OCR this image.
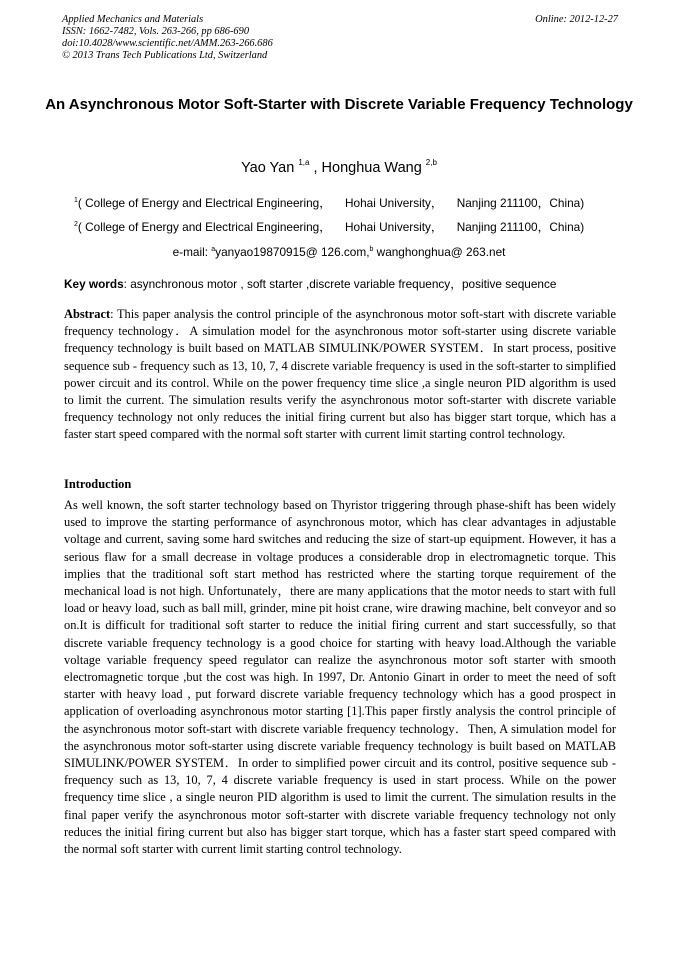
Applied Mechanics and Materials
ISSN: 1662-7482, Vols. 263-266, pp 686-690
doi:10.4028/www.scientific.net/AMM.263-266.686
© 2013 Trans Tech Publications Ltd, Switzerland
Online: 2012-12-27
An Asynchronous Motor Soft-Starter with Discrete Variable Frequency Technology
Yao Yan $^{1,a}$ , Honghua Wang $^{2,b}$
$^1$( College of Energy and Electrical Engineering， Hohai University， Nanjing 211100，China)
$^2$( College of Energy and Electrical Engineering， Hohai University， Nanjing 211100，China)
e-mail: $^a$yanyao19870915@ 126.com,$^b$ wanghonghua@ 263.net
Key words: asynchronous motor , soft starter ,discrete variable frequency，positive sequence

Abstract: This paper analysis the control principle of the asynchronous motor soft-start with discrete variable frequency technology．A simulation model for the asynchronous motor soft-starter using discrete variable frequency technology is built based on MATLAB SIMULINK/POWER SYSTEM．In start process, positive sequence sub - frequency such as 13, 10, 7, 4 discrete variable frequency is used in the soft-starter to simplified power circuit and its control. While on the power frequency time slice ,a single neuron PID algorithm is used to limit the current. The simulation results verify the asynchronous motor soft-starter with discrete variable frequency technology not only reduces the initial firing current but also has bigger start torque, which has a faster start speed compared with the normal soft starter with current limit starting control technology.

Introduction

As well known, the soft starter technology based on Thyristor triggering through phase-shift has been widely used to improve the starting performance of asynchronous motor, which has clear advantages in adjustable voltage and current, saving some hard switches and reducing the size of start-up equipment. However, it has a serious flaw for a small decrease in voltage produces a considerable drop in electromagnetic torque. This implies that the traditional soft start method has restricted where the starting torque requirement of the mechanical load is not high. Unfortunately，there are many applications that the motor needs to start with full load or heavy load, such as ball mill, grinder, mine pit hoist crane, wire drawing machine, belt conveyor and so on.It is difficult for traditional soft starter to reduce the initial firing current and start successfully, so that discrete variable frequency technology is a good choice for starting with heavy load.Although the variable voltage variable frequency speed regulator can realize the asynchronous motor soft starter with smooth electromagnetic torque ,but the cost was high. In 1997, Dr. Antonio Ginart in order to meet the need of soft starter with heavy load , put forward discrete variable frequency technology which has a good prospect in application of overloading asynchronous motor starting [1].This paper firstly analysis the control principle of the asynchronous motor soft-start with discrete variable frequency technology．Then, A simulation model for the asynchronous motor soft-starter using discrete variable frequency technology is built based on MATLAB SIMULINK/POWER SYSTEM．In order to simplified power circuit and its control, positive sequence sub - frequency such as 13, 10, 7, 4 discrete variable frequency is used in start process. While on the power frequency time slice , a single neuron PID algorithm is used to limit the current. The simulation results in the final paper verify the asynchronous motor soft-starter with discrete variable frequency technology not only reduces the initial firing current but also has bigger start torque, which has a faster start speed compared with the normal soft starter with current limit starting control technology.
